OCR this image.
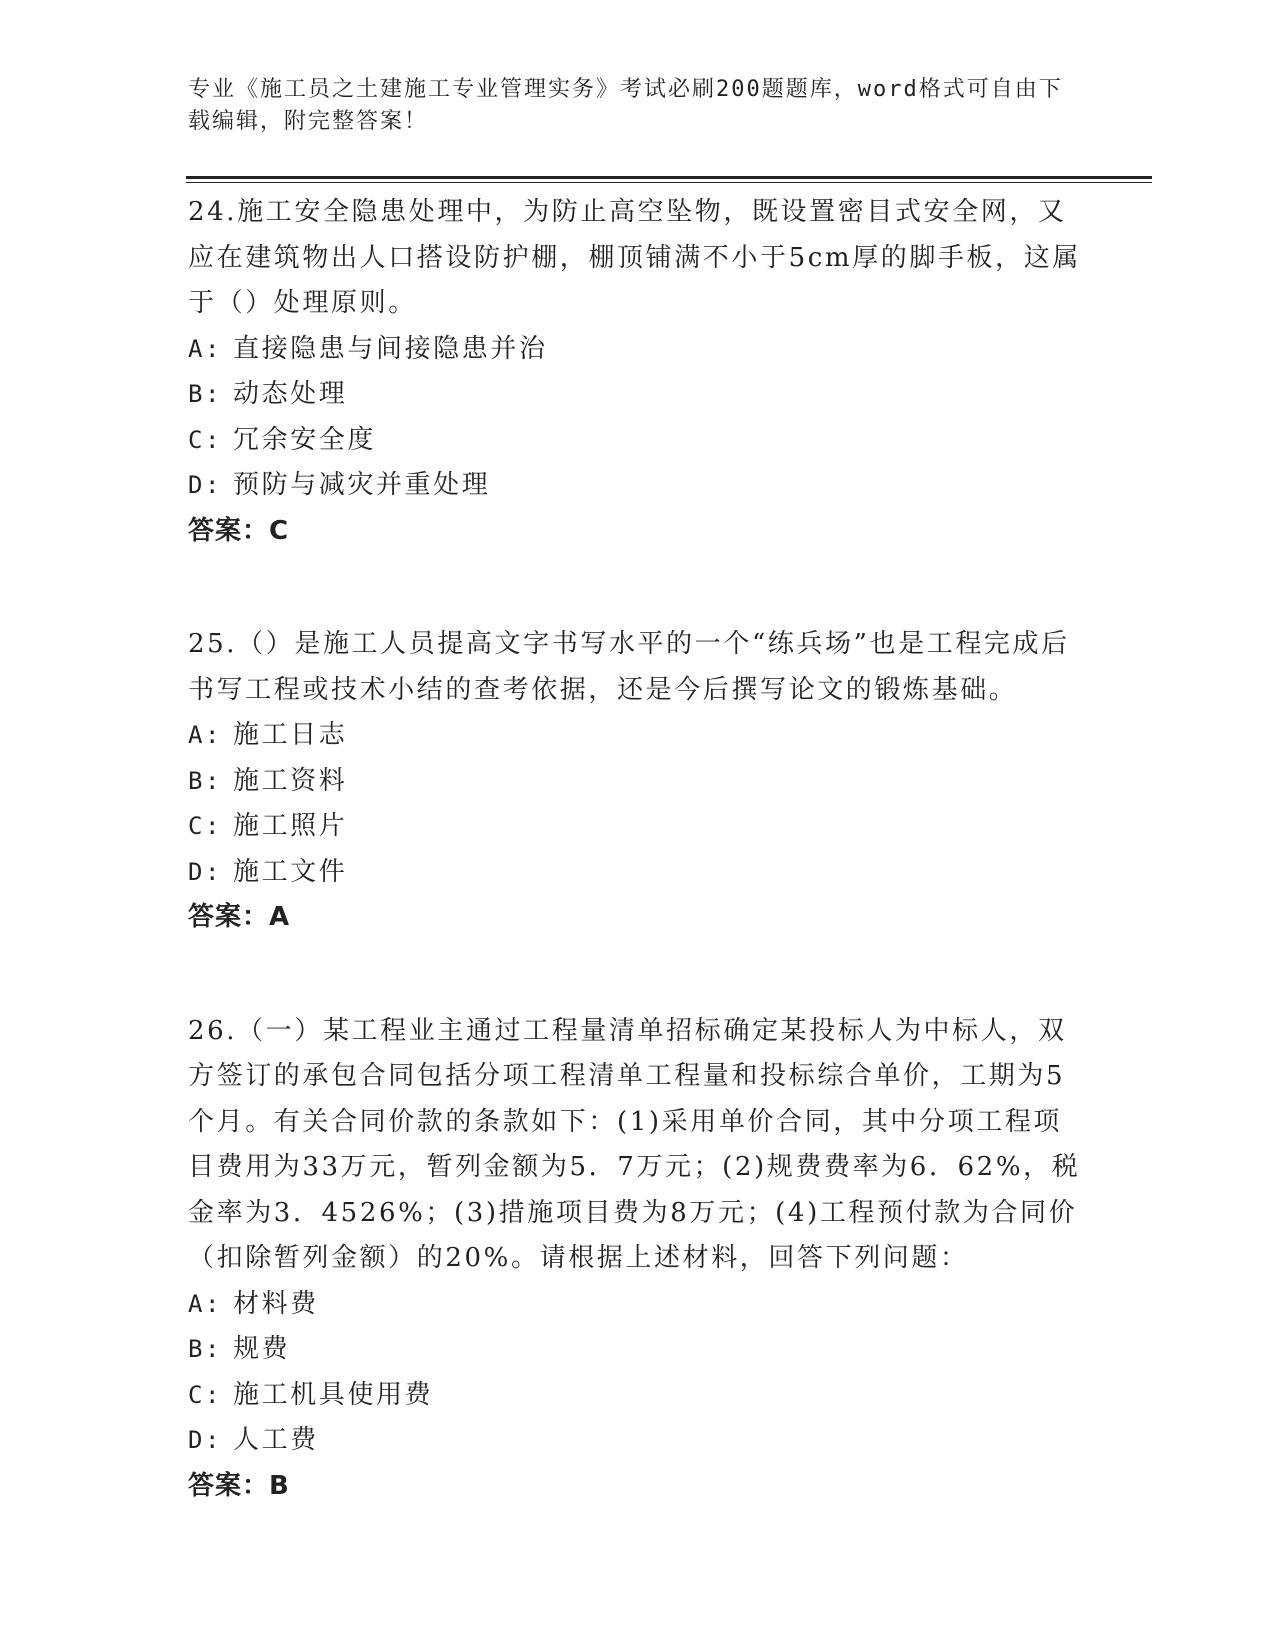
专业《施工员之土建施工专业管理实务》考试必刷200题题库，word格式可自由下载编辑，附完整答案！

24.施工安全隐患处理中，为防止高空坠物，既设置密目式安全网，又应在建筑物出人口搭设防护棚，棚顶铺满不小于5cm厚的脚手板，这属于（）处理原则。

A: 直接隐患与间接隐患并治

B: 动态处理

C: 冗余安全度

D: 预防与减灾并重处理

答案：C

25.（）是施工人员提高文字书写水平的一个“练兵场”也是工程完成后书写工程或技术小结的查考依据，还是今后撰写论文的锻炼基础。

A: 施工日志

B: 施工资料

C: 施工照片

D: 施工文件

答案：A

26.（一）某工程业主通过工程量清单招标确定某投标人为中标人，双方签订的承包合同包括分项工程清单工程量和投标综合单价，工期为5个月。有关合同价款的条款如下：(1)采用单价合同，其中分项工程项目费用为33万元，暂列金额为5．7万元；(2)规费费率为6．62%，税金率为3．4526%；(3)措施项目费为8万元；(4)工程预付款为合同价（扣除暂列金额）的20%。请根据上述材料，回答下列问题：

A: 材料费

B: 规费

C: 施工机具使用费

D: 人工费

答案：B
